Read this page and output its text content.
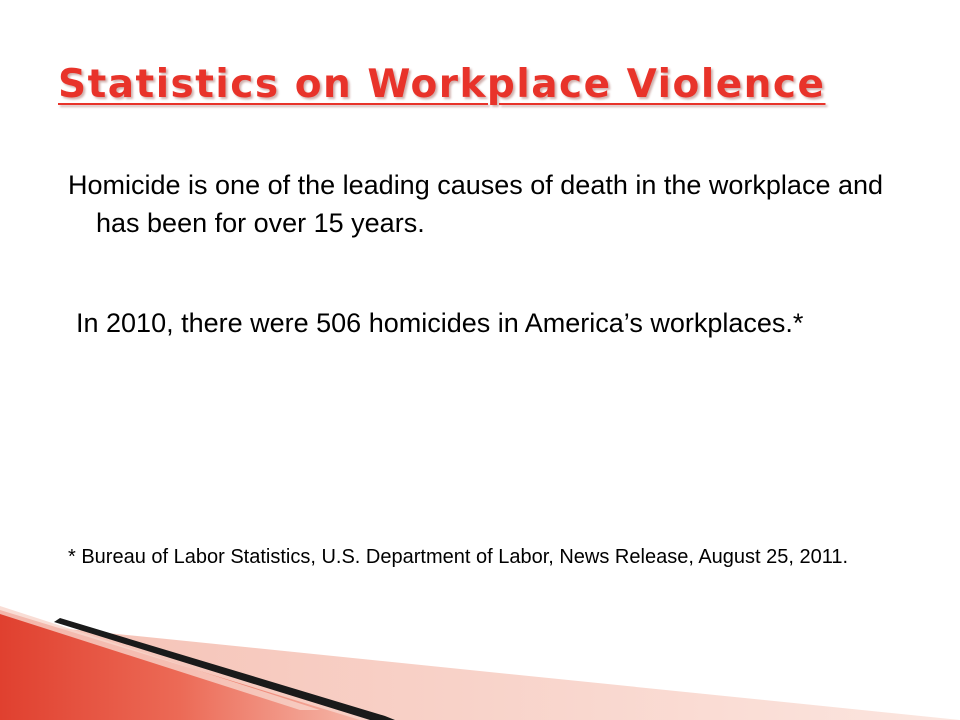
Statistics on Workplace Violence

Homicide is one of the leading causes of death in the workplace and has been for over 15 years.

In 2010, there were 506 homicides in America’s workplaces.*

* Bureau of Labor Statistics, U.S. Department of Labor, News Release, August 25, 2011.
